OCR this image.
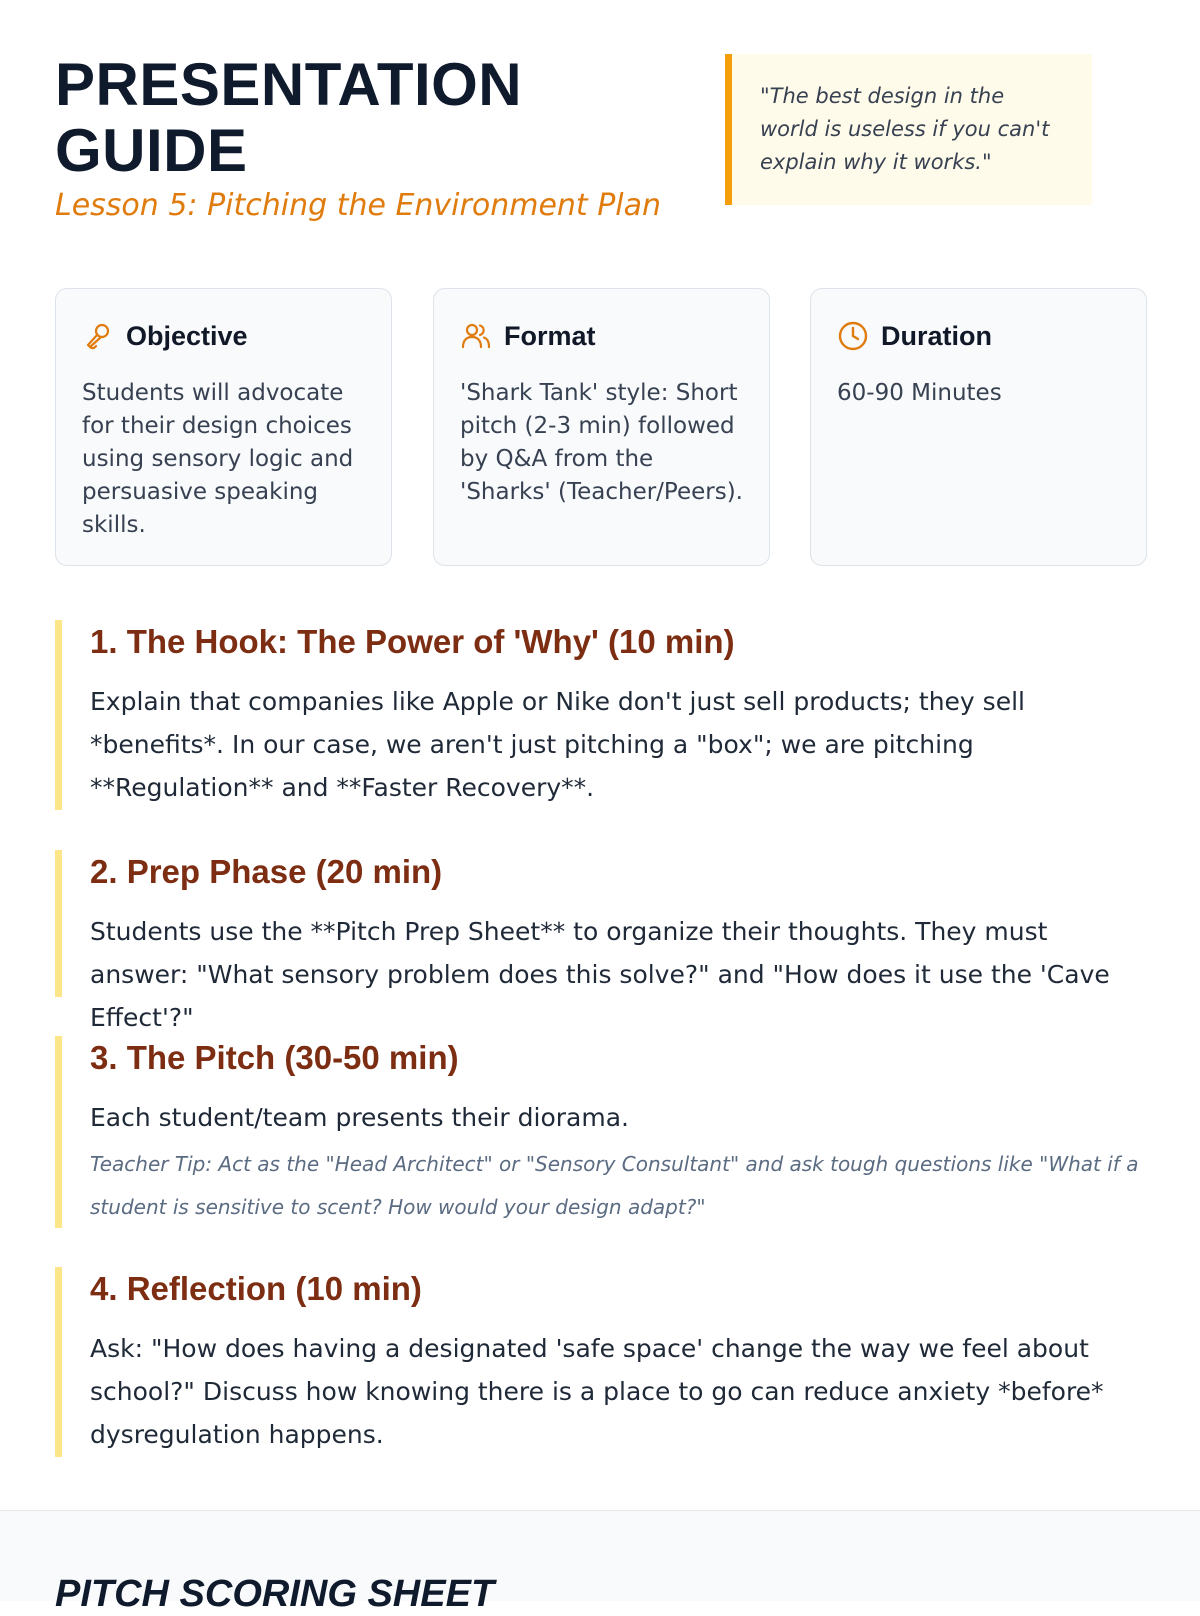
PRESENTATION GUIDE
Lesson 5: Pitching the Environment Plan
"The best design in the world is useless if you can't explain why it works."
Objective
Students will advocate for their design choices using sensory logic and persuasive speaking skills.
Format
'Shark Tank' style: Short pitch (2-3 min) followed by Q&A from the 'Sharks' (Teacher/Peers).
Duration
60-90 Minutes
1. The Hook: The Power of 'Why' (10 min)

Explain that companies like Apple or Nike don't just sell products; they sell *benefits*. In our case, we aren't just pitching a "box"; we are pitching **Regulation** and **Faster Recovery**.

2. Prep Phase (20 min)

Students use the **Pitch Prep Sheet** to organize their thoughts. They must answer: "What sensory problem does this solve?" and "How does it use the 'Cave Effect'?"

3. The Pitch (30-50 min)

Each student/team presents their diorama.

Teacher Tip: Act as the "Head Architect" or "Sensory Consultant" and ask tough questions like "What if a student is sensitive to scent? How would your design adapt?"

4. Reflection (10 min)

Ask: "How does having a designated 'safe space' change the way we feel about school?" Discuss how knowing there is a place to go can reduce anxiety *before* dysregulation happens.

PITCH SCORING SHEET
